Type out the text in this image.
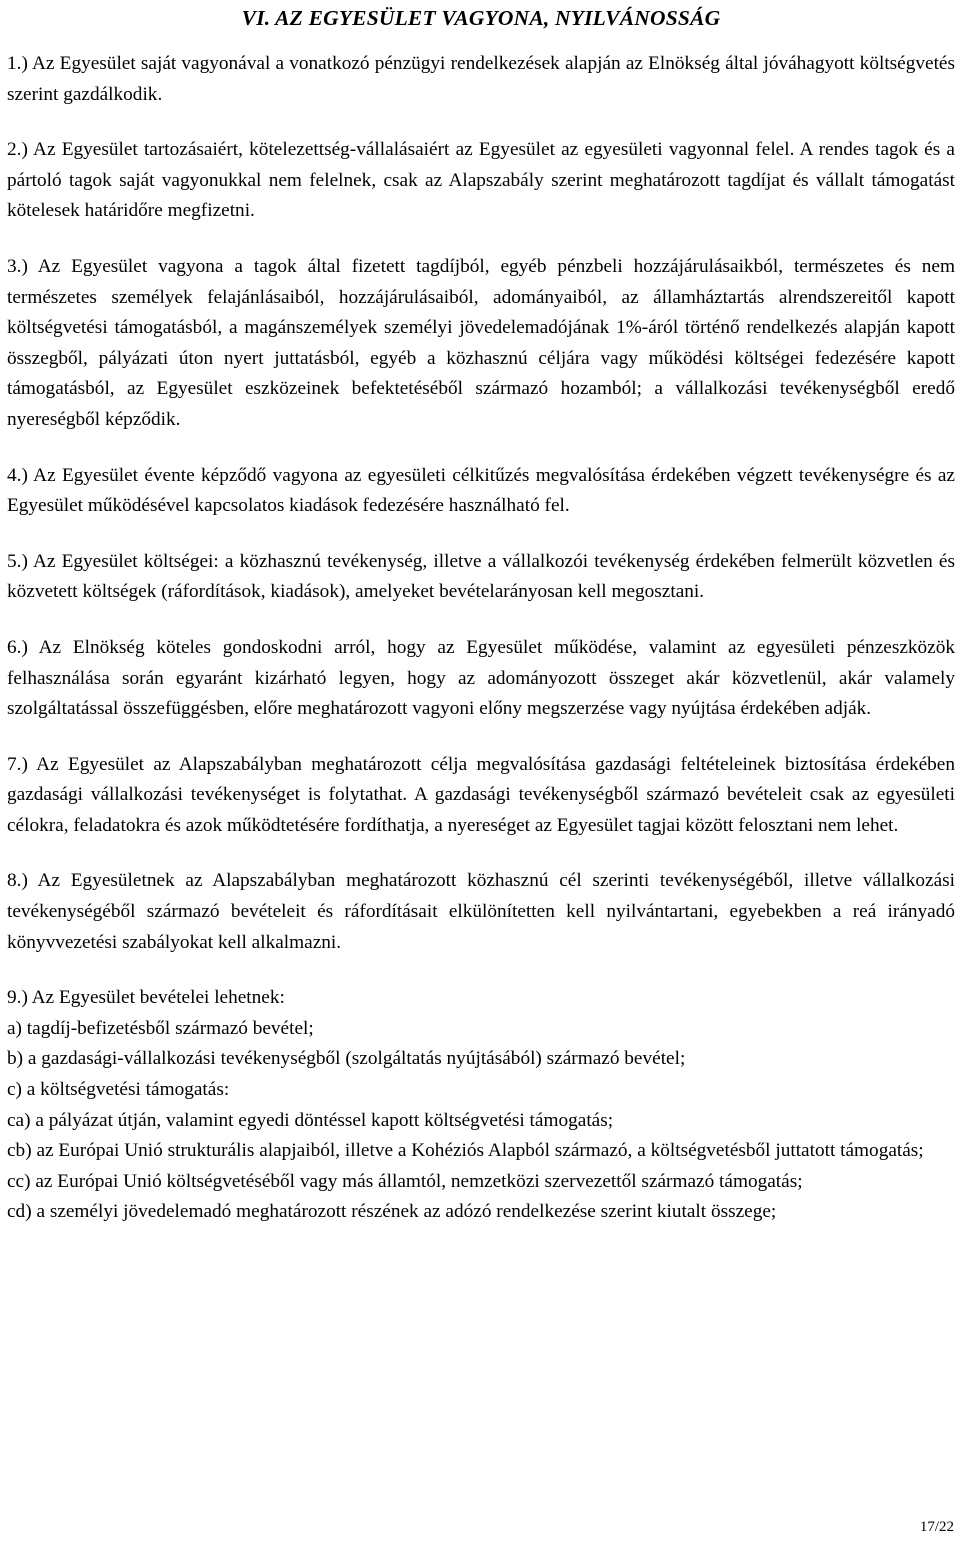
VI. AZ EGYESÜLET VAGYONA, NYILVÁNOSSÁG

1.) Az Egyesület saját vagyonával a vonatkozó pénzügyi rendelkezések alapján az Elnökség által jóváhagyott költségvetés szerint gazdálkodik.

2.) Az Egyesület tartozásaiért, kötelezettség-vállalásaiért az Egyesület az egyesületi vagyonnal felel. A rendes tagok és a pártoló tagok saját vagyonukkal nem felelnek, csak az Alapszabály szerint meghatározott tagdíjat és vállalt támogatást kötelesek határidőre megfizetni.

3.) Az Egyesület vagyona a tagok által fizetett tagdíjból, egyéb pénzbeli hozzájárulásaikból, természetes és nem természetes személyek felajánlásaiból, hozzájárulásaiból, adományaiból, az államháztartás alrendszereitől kapott költségvetési támogatásból, a magánszemélyek személyi jövedelemadójának 1%-áról történő rendelkezés alapján kapott összegből, pályázati úton nyert juttatásból, egyéb a közhasznú céljára vagy működési költségei fedezésére kapott támogatásból, az Egyesület eszközeinek befektetéséből származó hozamból; a vállalkozási tevékenységből eredő nyereségből képződik.

4.) Az Egyesület évente képződő vagyona az egyesületi célkitűzés megvalósítása érdekében végzett tevékenységre és az Egyesület működésével kapcsolatos kiadások fedezésére használható fel.

5.) Az Egyesület költségei: a közhasznú tevékenység, illetve a vállalkozói tevékenység érdekében felmerült közvetlen és közvetett költségek (ráfordítások, kiadások), amelyeket bevételarányosan kell megosztani.

6.) Az Elnökség köteles gondoskodni arról, hogy az Egyesület működése, valamint az egyesületi pénzeszközök felhasználása során egyaránt kizárható legyen, hogy az adományozott összeget akár közvetlenül, akár valamely szolgáltatással összefüggésben, előre meghatározott vagyoni előny megszerzése vagy nyújtása érdekében adják.

7.) Az Egyesület az Alapszabályban meghatározott célja megvalósítása gazdasági feltételeinek biztosítása érdekében gazdasági vállalkozási tevékenységet is folytathat. A gazdasági tevékenységből származó bevételeit csak az egyesületi célokra, feladatokra és azok működtetésére fordíthatja, a nyereséget az Egyesület tagjai között felosztani nem lehet.

8.) Az Egyesületnek az Alapszabályban meghatározott közhasznú cél szerinti tevékenységéből, illetve vállalkozási tevékenységéből származó bevételeit és ráfordításait elkülönítetten kell nyilvántartani, egyebekben a reá irányadó könyvvezetési szabályokat kell alkalmazni.

9.) Az Egyesület bevételei lehetnek:

a) tagdíj-befizetésből származó bevétel;

b) a gazdasági-vállalkozási tevékenységből (szolgáltatás nyújtásából) származó bevétel;

c) a költségvetési támogatás:

ca) a pályázat útján, valamint egyedi döntéssel kapott költségvetési támogatás;

cb) az Európai Unió strukturális alapjaiból, illetve a Kohéziós Alapból származó, a költségvetésből juttatott támogatás;

cc) az Európai Unió költségvetéséből vagy más államtól, nemzetközi szervezettől származó támogatás;

cd) a személyi jövedelemadó meghatározott részének az adózó rendelkezése szerint kiutalt összege;

17/22
